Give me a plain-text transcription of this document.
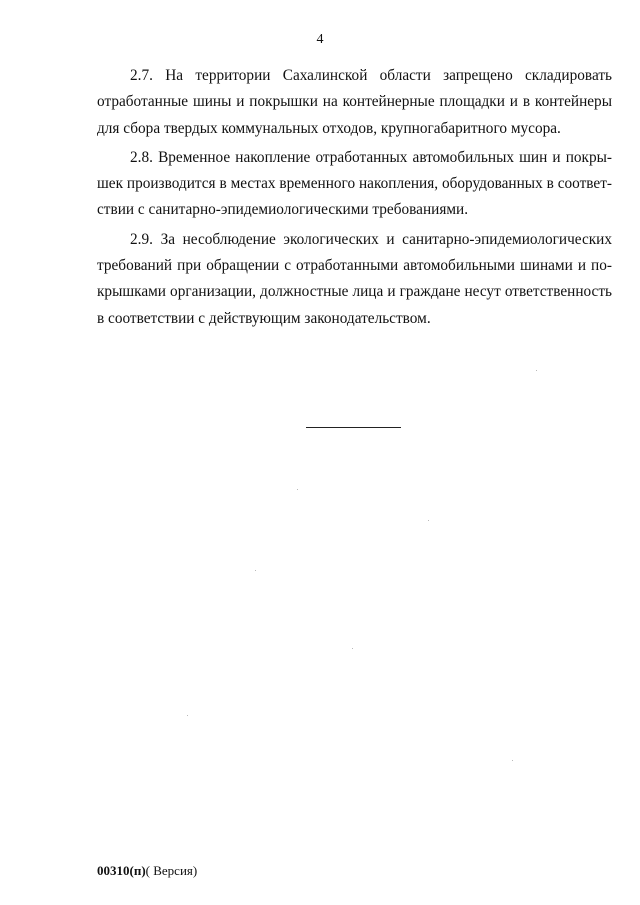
4

2.7. На территории Сахалинской области запрещено складировать отработанные шины и покрышки на контейнерные площадки и в контейнеры для сбора твердых коммунальных отходов, крупногабаритного мусора.

2.8. Временное накопление отработанных автомобильных шин и покрышек производится в местах временного накопления, оборудованных в соответствии с санитарно-эпидемиологическими требованиями.

2.9. За несоблюдение экологических и санитарно-эпидемиологических требований при обращении с отработанными автомобильными шинами и покрышками организации, должностные лица и граждане несут ответственность в соответствии с действующим законодательством.

00310(п)( Версия)
